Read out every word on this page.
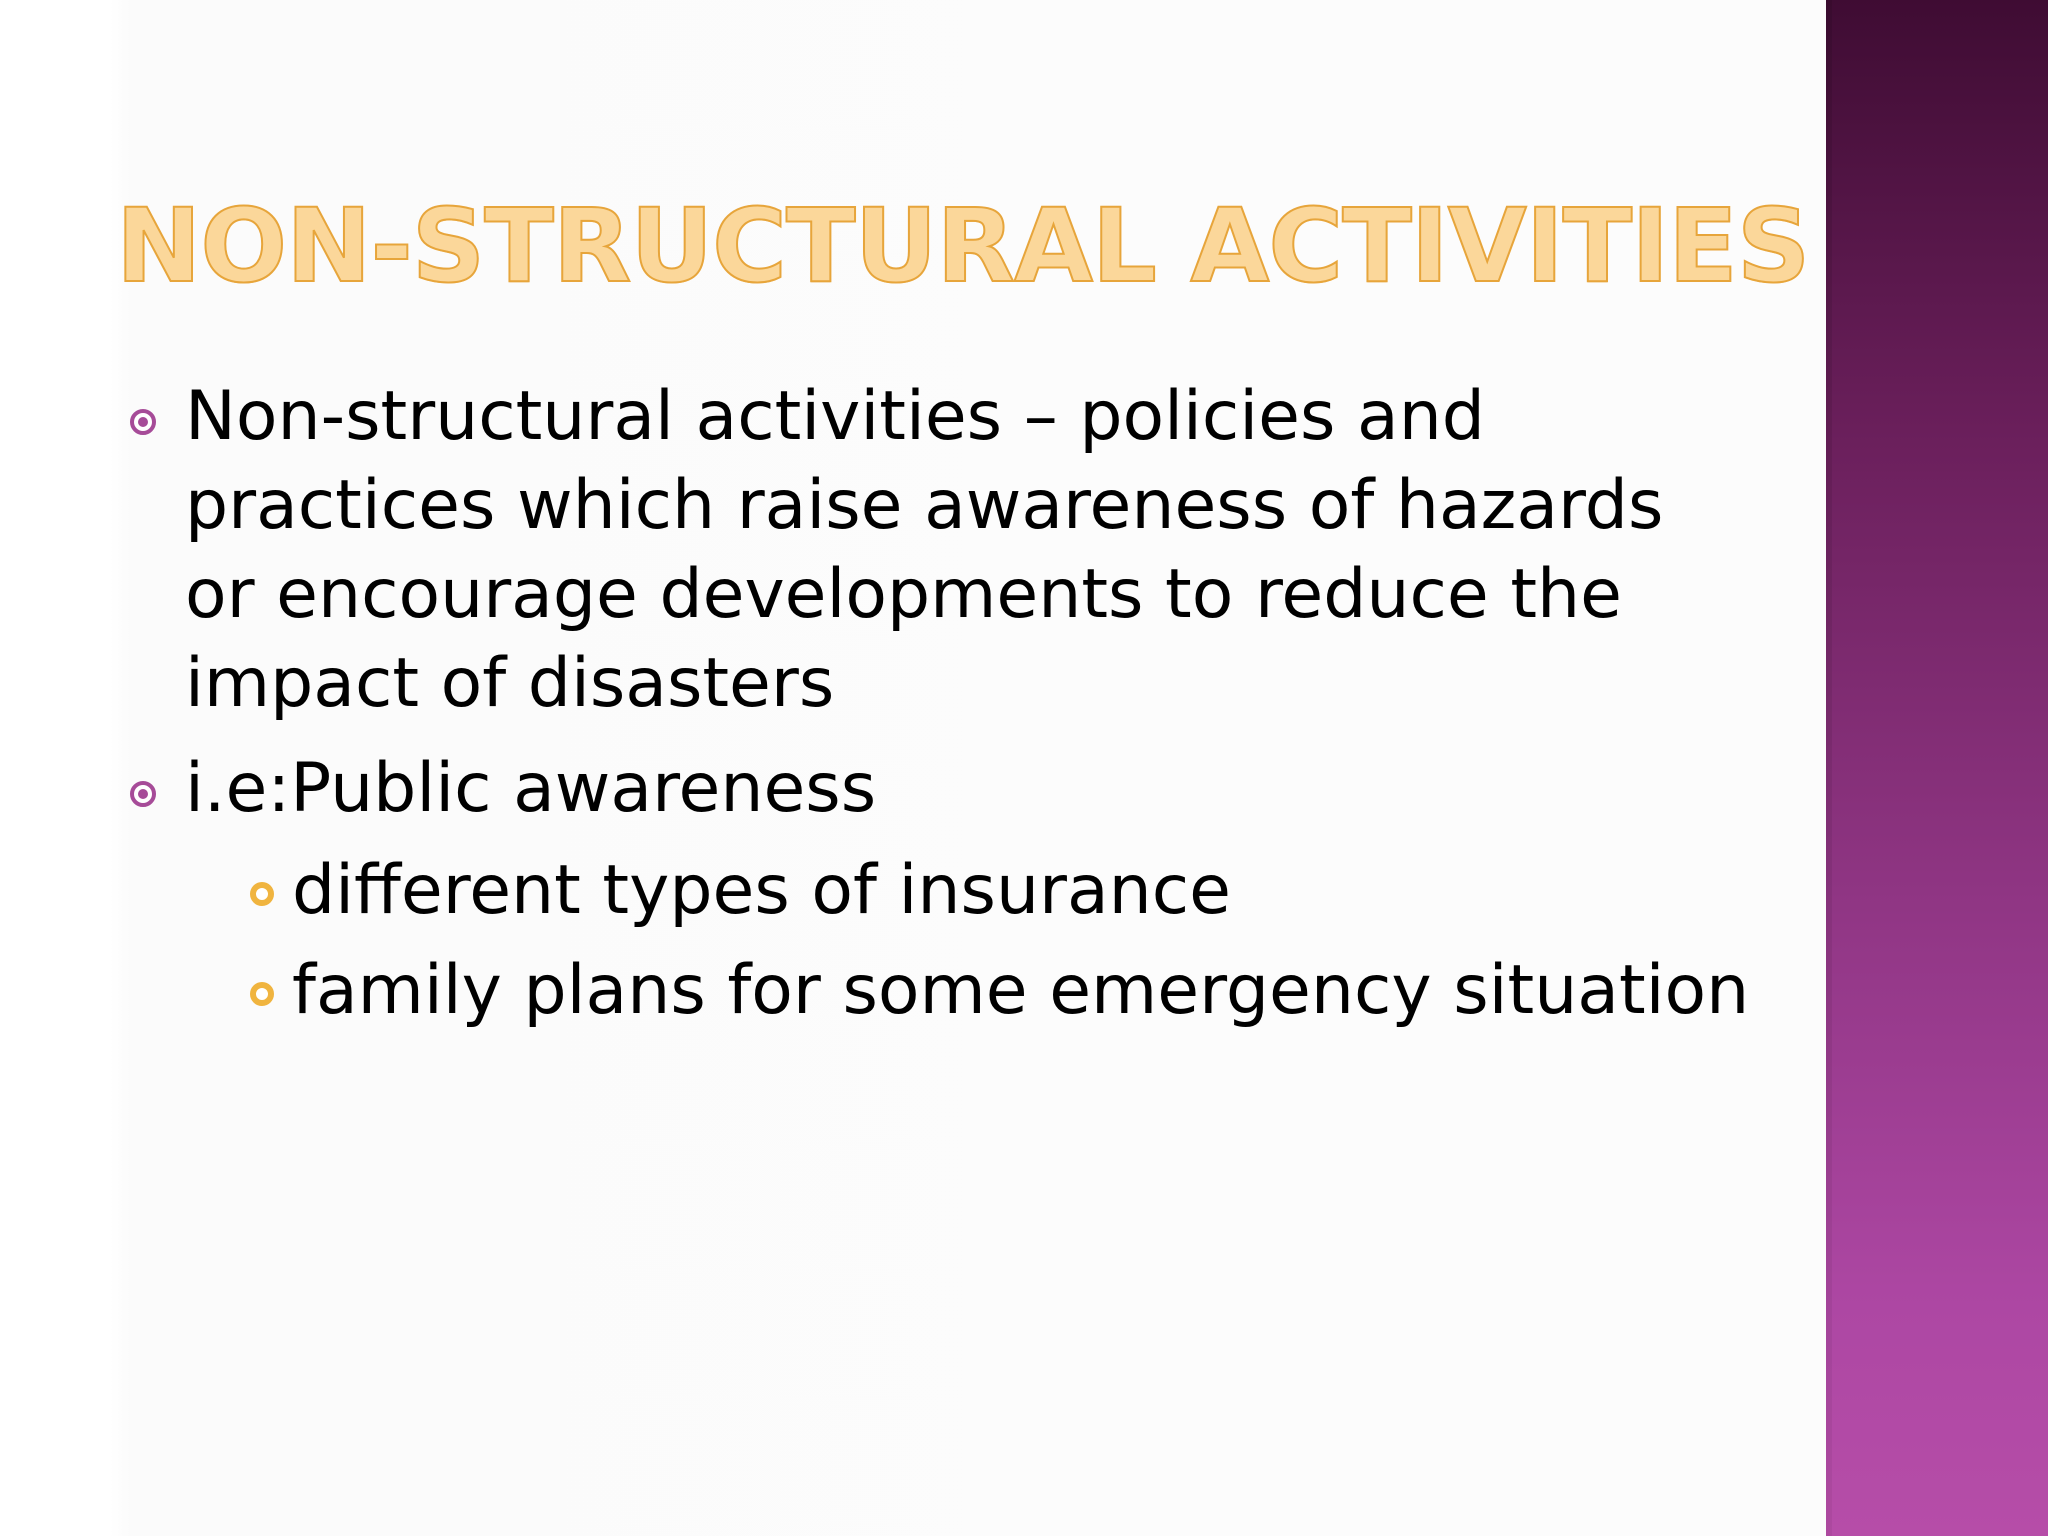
NON-STRUCTURAL ACTIVITIES
Non-structural activities – policies and practices which raise awareness of hazards or encourage developments to reduce the impact of disasters
i.e:Public awareness
different types of insurance
family plans for some emergency situation
